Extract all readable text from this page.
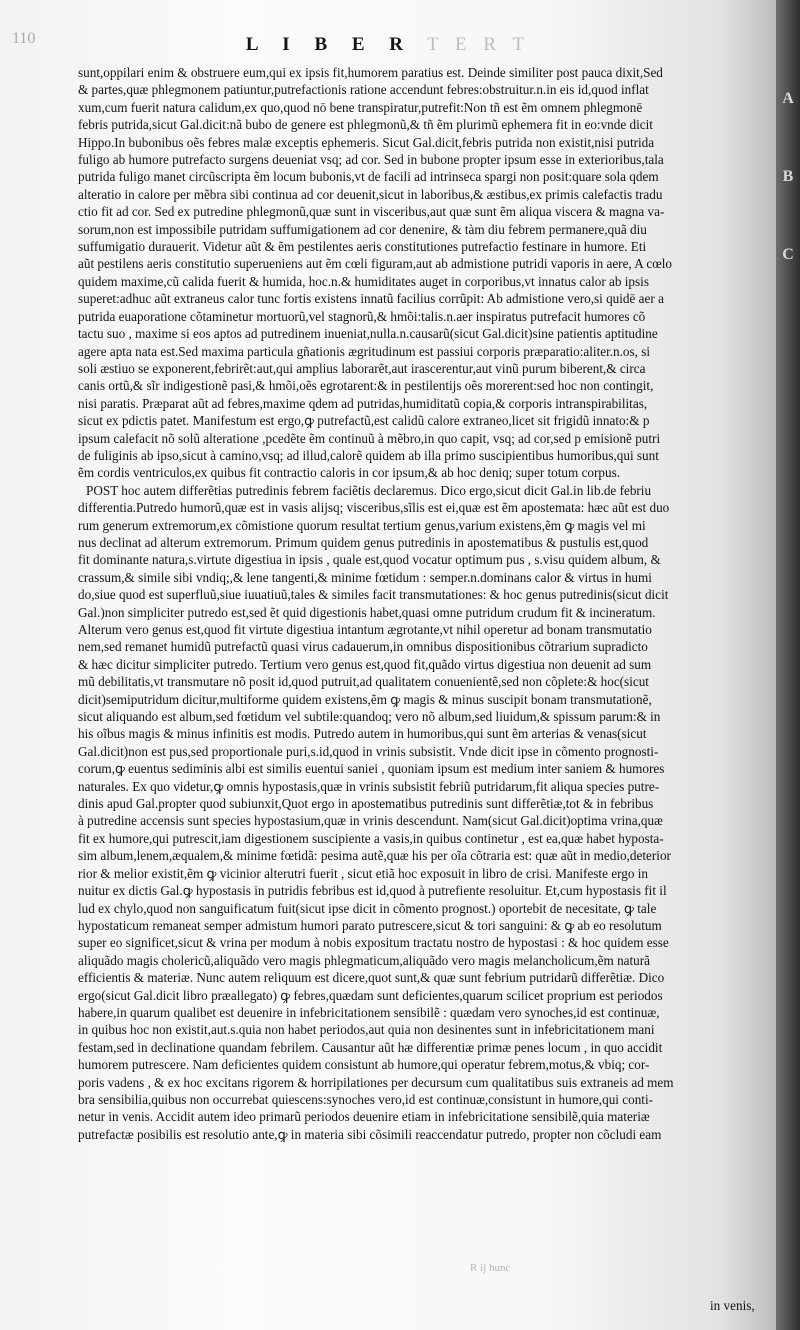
110	L I B E R T E R T

sunt,oppilari enim & obstruere eum,qui ex ipsis fit,humorem paratius est. Deinde similiter post pauca dixit,Sed

& partes,quæ phlegmonem patiuntur,putrefactionis ratione accendunt febres:obstruitur.n.in eis id,quod inflat

xum,cum fuerit natura calidum,ex quo,quod nō bene transpiratur,putrefit:Non tñ est ẽm omnem phlegmonē

febris putrida,sicut Gal.dicit:nã bubo de genere est phlegmonũ,& tñ ẽm plurimũ ephemera fit in eo:vnde dicit

Hippo.In bubonibus oẽs febres malæ exceptis ephemeris. Sicut Gal.dicit,febris putrida non existit,nisi putrida

fuligo ab humore putrefacto surgens deueniat vsq; ad cor. Sed in bubone propter ipsum esse in exterioribus,tala

putrida fuligo manet circũscripta ẽm locum bubonis,vt de facili ad intrinseca spargi non posit:quare sola qdem

alteratio in calore per mẽbra sibi continua ad cor deuenit,sicut in laboribus,& æstibus,ex primis calefactis tradu

ctio fit ad cor. Sed ex putredine phlegmonũ,quæ sunt in visceribus,aut quæ sunt ẽm aliqua viscera & magna va-

sorum,non est impossibile putridam suffumigationem ad cor denenire, & tàm diu febrem permanere,quã diu

suffumigatio durauerit. Videtur aũt & ẽm pestilentes aeris constitutiones putrefactio festinare in humore. Eti

aũt pestilens aeris constitutio superueniens aut ẽm cœli figuram,aut ab admistione putridi vaporis in aere, A cœlo

quidem maxime,cũ calida fuerit & humida, hoc.n.& humiditates auget in corporibus,vt innatus calor ab ipsis

superet:adhuc aũt extraneus calor tunc fortis existens innatũ facilius corrũpit: Ab admistione vero,si quidē aer a

putrida euaporatione cõtaminetur mortuorũ,vel stagnorũ,& hmõi:talis.n.aer inspiratus putrefacit humores cõ

tactu suo , maxime si eos aptos ad putredinem inueniat,nulla.n.causarũ(sicut Gal.dicit)sine patientis aptitudine

agere apta nata est.Sed maxima particula gñationis ægritudinum est passiui corporis præparatio:aliter.n.os, si

soli æstiuo se exponerent,febrirẽt:aut,qui amplius laborarẽt,aut irascerentur,aut vinũ purum biberent,& circa

canis ortũ,& sĩr indigestionẽ pasi,& hmõi,oẽs egrotarent:& in pestilentijs oẽs morerent:sed hoc non contingit,

nisi paratis. Præparat aũt ad febres,maxime qdem ad putridas,humiditatũ copia,& corporis intranspirabilitas,

sicut ex pdictis patet. Manifestum est ergo,ꝙ putrefactũ,est calidũ calore extraneo,licet sit frigidũ innato:& p

ipsum calefacit nõ solũ alteratione ,pcedẽte ẽm continuũ à mẽbro,in quo capit, vsq; ad cor,sed p emisionẽ putri

de fuliginis ab ipso,sicut à camino,vsq; ad illud,calorẽ quidem ab illa primo suscipientibus humoribus,qui sunt

ẽm cordis ventriculos,ex quibus fit contractio caloris in cor ipsum,& ab hoc deniq; super totum corpus.

POST hoc autem differẽtias putredinis febrem faciẽtis declaremus. Dico ergo,sicut dicit Gal.in lib.de febriu

differentia.Putredo humorũ,quæ est in vasis alijsq; visceribus,sĩlis est ei,quæ est ẽm apostemata: hæc aũt est duo

rum generum extremorum,ex cõmistione quorum resultat tertium genus,varium existens,ẽm ꝙ magis vel mi

nus declinat ad alterum extremorum. Primum quidem genus putredinis in apostematibus & pustulis est,quod

fit dominante natura,s.virtute digestiua in ipsis , quale est,quod vocatur optimum pus , s.visu quidem album, &

crassum,& simile sibi vndiq;,& lene tangenti,& minime fœtidum : semper.n.dominans calor & virtus in humi

do,siue quod est superfluũ,siue iuuatiuũ,tales & similes facit transmutationes: & hoc genus putredinis(sicut dicit

Gal.)non simpliciter putredo est,sed ẽt quid digestionis habet,quasi omne putridum crudum fit & incineratum.

Alterum vero genus est,quod fit virtute digestiua intantum ægrotante,vt nihil operetur ad bonam transmutatio

nem,sed remanet humidũ putrefactũ quasi virus cadauerum,in omnibus dispositionibus cõtrarium supradicto

& hæc dicitur simpliciter putredo. Tertium vero genus est,quod fit,quãdo virtus digestiua non deuenit ad sum

mũ debilitatis,vt transmutare nõ posit id,quod putruit,ad qualitatem conuenientẽ,sed non cõplete:& hoc(sicut

dicit)semiputridum dicitur,multiforme quidem existens,ẽm ꝙ magis & minus suscipit bonam transmutationẽ,

sicut aliquando est album,sed fœtidum vel subtile:quandoq; vero nõ album,sed liuidum,& spissum parum:& in

his oĩbus magis & minus infinitis est modis. Putredo autem in humoribus,qui sunt ẽm arterias & venas(sicut

Gal.dicit)non est pus,sed proportionale puri,s.id,quod in vrinis subsistit. Vnde dicit ipse in cõmento prognosti-

corum,ꝙ euentus sediminis albi est similis euentui saniei , quoniam ipsum est medium inter saniem & humores

naturales. Ex quo videtur,ꝙ omnis hypostasis,quæ in vrinis subsistit febriũ putridarum,fit aliqua species putre-

dinis apud Gal.propter quod subiunxit,Quot ergo in apostematibus putredinis sunt differẽtiæ,tot & in febribus

à putredine accensis sunt species hypostasium,quæ in vrinis descendunt. Nam(sicut Gal.dicit)optima vrina,quæ

fit ex humore,qui putrescit,iam digestionem suscipiente a vasis,in quibus continetur , est ea,quæ habet hyposta-

sim album,lenem,æqualem,& minime fœtidã: pesima autẽ,quæ his per oĩa cõtraria est: quæ aũt in medio,deterior

rior & melior existit,ẽm ꝙ vicinior alterutri fuerit , sicut etiã hoc exposuit in libro de crisi. Manifeste ergo in

nuitur ex dictis Gal.ꝙ hypostasis in putridis febribus est id,quod à putrefiente resoluitur. Et,cum hypostasis fit il

lud ex chylo,quod non sanguificatum fuit(sicut ipse dicit in cõmento prognost.) oportebit de necesitate, ꝙ tale

hypostaticum remaneat semper admistum humori parato putrescere,sicut & tori sanguini: & ꝙ ab eo resolutum

super eo significet,sicut & vrina per modum à nobis expositum tractatu nostro de hypostasi : & hoc quidem esse

aliquãdo magis cholericũ,aliquãdo vero magis phlegmaticum,aliquãdo vero magis melancholicum,ẽm naturã

efficientis & materiæ. Nunc autem reliquum est dicere,quot sunt,& quæ sunt febrium putridarũ differẽtiæ. Dico

ergo(sicut Gal.dicit libro præallegato) ꝙ febres,quædam sunt deficientes,quarum scilicet proprium est periodos

habere,in quarum qualibet est deuenire in infebricitationem sensibilẽ : quædam vero synoches,id est continuæ,

in quibus hoc non existit,aut.s.quia non habet periodos,aut quia non desinentes sunt in infebricitationem mani

festam,sed in declinatione quandam febrilem. Causantur aũt hæ differentiæ primæ penes locum , in quo accidit

humorem putrescere. Nam deficientes quidem consistunt ab humore,qui operatur febrem,motus,& vbiq; cor-

poris vadens , & ex hoc excitans rigorem & horripilationes per decursum cum qualitatibus suis extraneis ad mem

bra sensibilia,quibus non occurrebat quiescens:synoches vero,id est continuæ,consistunt in humore,qui conti-

netur in venis. Accidit autem ideo primarũ periodos deuenire etiam in infebricitatione sensibilẽ,quia materiæ

putrefactæ posibilis est resolutio ante,ꝙ in materia sibi cõsimili reaccendatur putredo, propter non cõcludi eam

R ij hunc
in venis,
A
B
C
